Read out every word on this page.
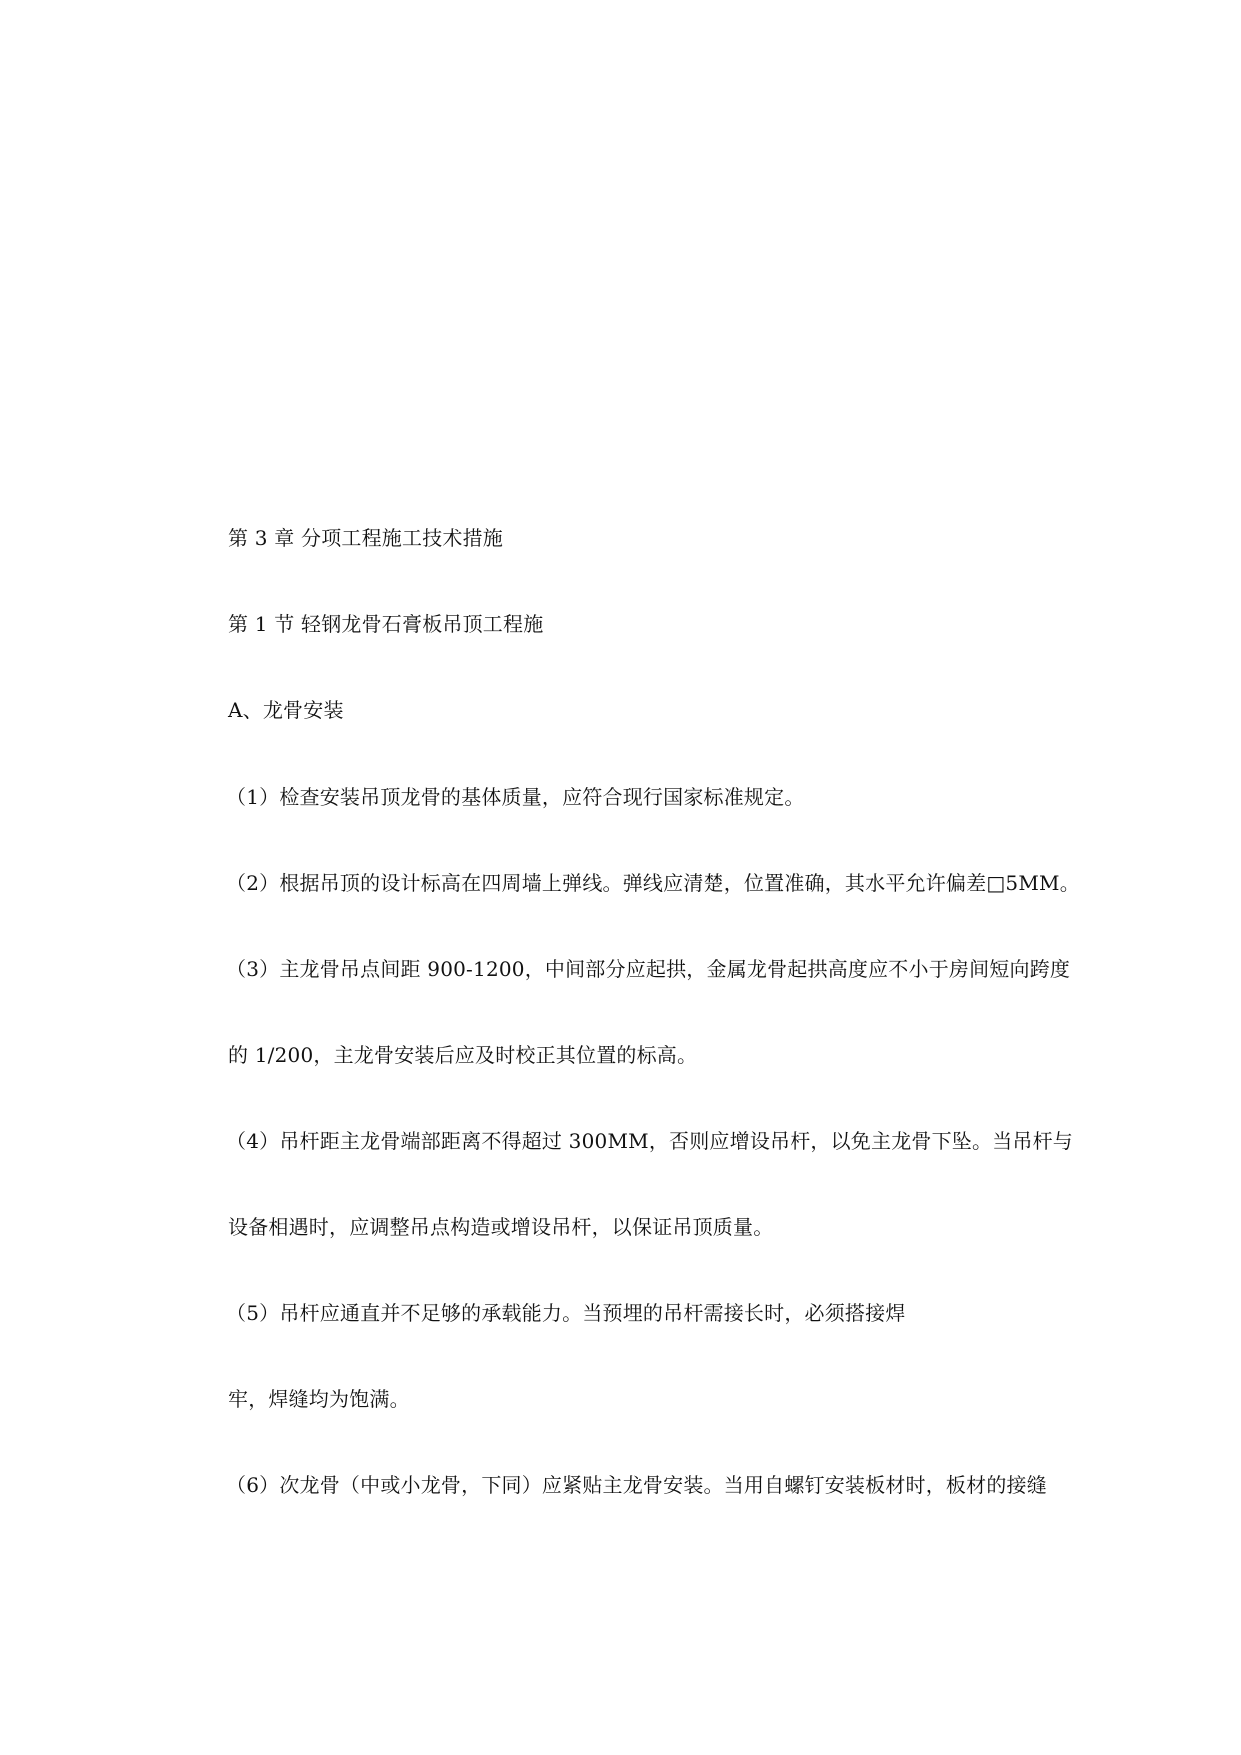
第 3 章 分项工程施工技术措施
第 1 节 轻钢龙骨石膏板吊顶工程施
A、龙骨安装
（1）检查安装吊顶龙骨的基体质量，应符合现行国家标准规定。
（2）根据吊顶的设计标高在四周墙上弹线。弹线应清楚，位置准确，其水平允许偏差□5MM。
（3）主龙骨吊点间距 900-1200，中间部分应起拱，金属龙骨起拱高度应不小于房间短向跨度
的 1/200，主龙骨安装后应及时校正其位置的标高。
（4）吊杆距主龙骨端部距离不得超过 300MM，否则应增设吊杆，以免主龙骨下坠。当吊杆与
设备相遇时，应调整吊点构造或增设吊杆，以保证吊顶质量。
（5）吊杆应通直并不足够的承载能力。当预埋的吊杆需接长时，必须搭接焊
牢，焊缝均为饱满。
（6）次龙骨（中或小龙骨，下同）应紧贴主龙骨安装。当用自螺钉安装板材时，板材的接缝
